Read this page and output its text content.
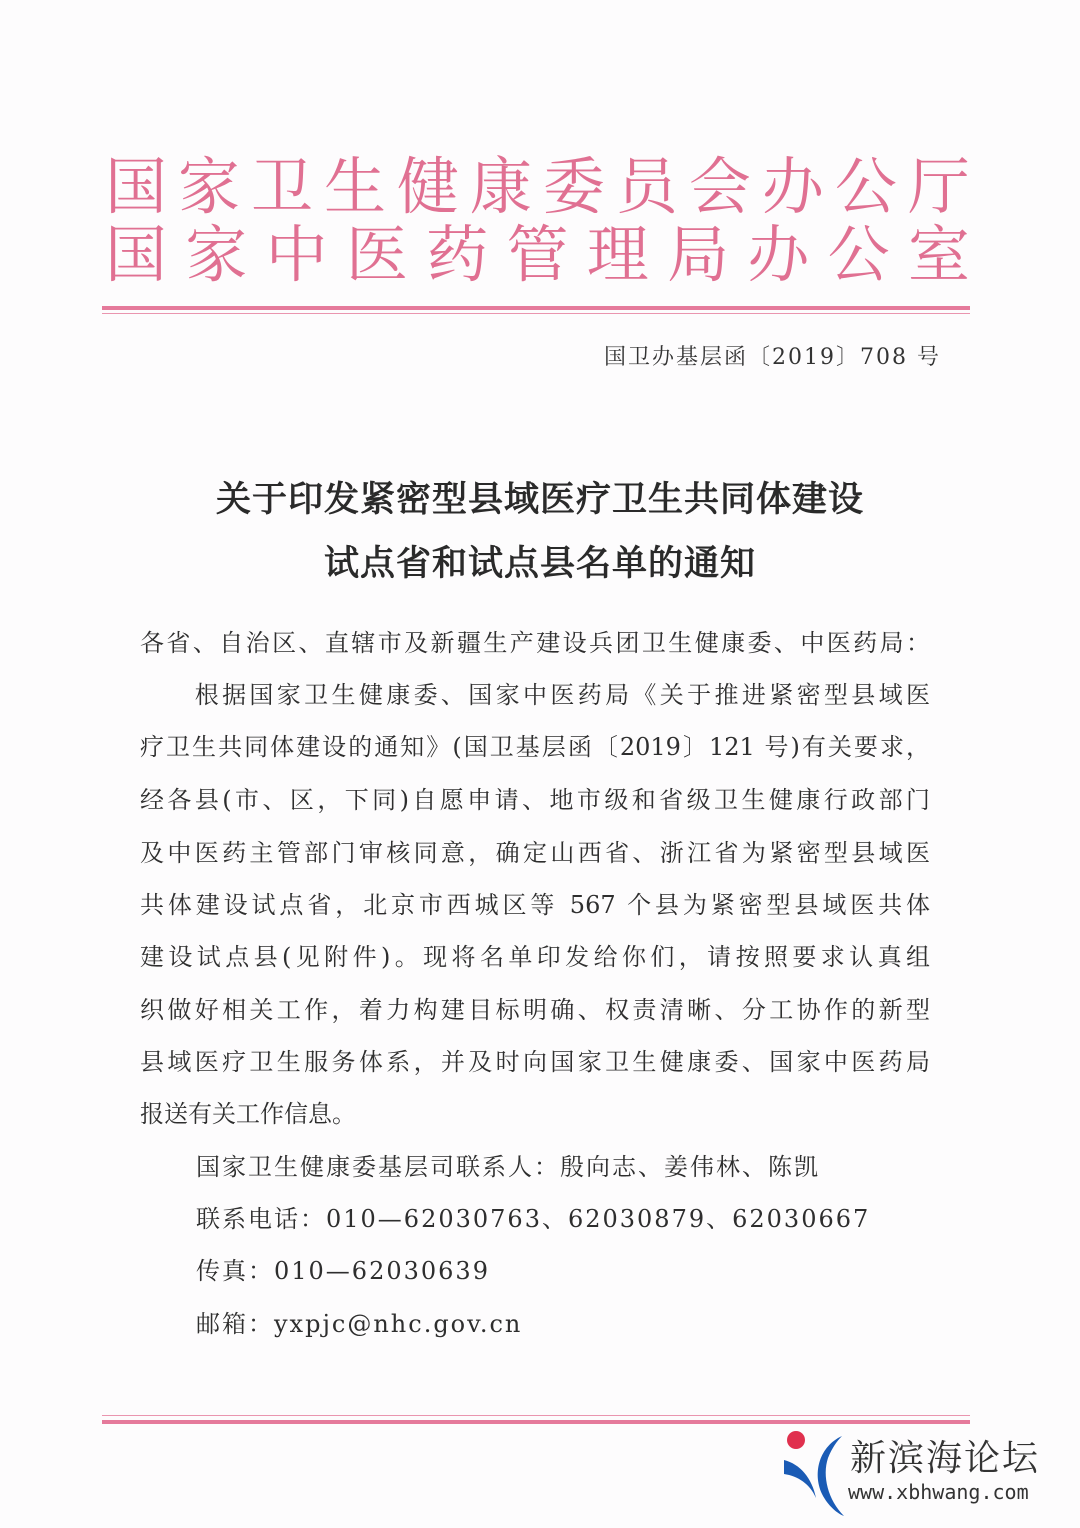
国 家 卫 生 健 康 委 员 会 办 公 厅
国 家 中 医 药 管 理 局 办 公 室
国卫办基层函〔2019〕708 号
关于印发紧密型县域医疗卫生共同体建设
试点省和试点县名单的通知
各省、自治区、直辖市及新疆生产建设兵团卫生健康委、中医药局：
　　根据国家卫生健康委、国家中医药局《关于推进紧密型县域医
疗卫生共同体建设的通知》(国卫基层函〔2019〕121 号)有关要求，
经各县(市、区，下同)自愿申请、地市级和省级卫生健康行政部门
及中医药主管部门审核同意，确定山西省、浙江省为紧密型县域医
共体建设试点省，北京市西城区等 567 个县为紧密型县域医共体
建设试点县(见附件)。现将名单印发给你们，请按照要求认真组
织做好相关工作，着力构建目标明确、权责清晰、分工协作的新型
县域医疗卫生服务体系，并及时向国家卫生健康委、国家中医药局
报送有关工作信息。
国家卫生健康委基层司联系人：殷向志、姜伟林、陈凯
联系电话：010—62030763、62030879、62030667
传真：010—62030639
邮箱：yxpjc@nhc.gov.cn
新滨海论坛
www.xbhwang.com
